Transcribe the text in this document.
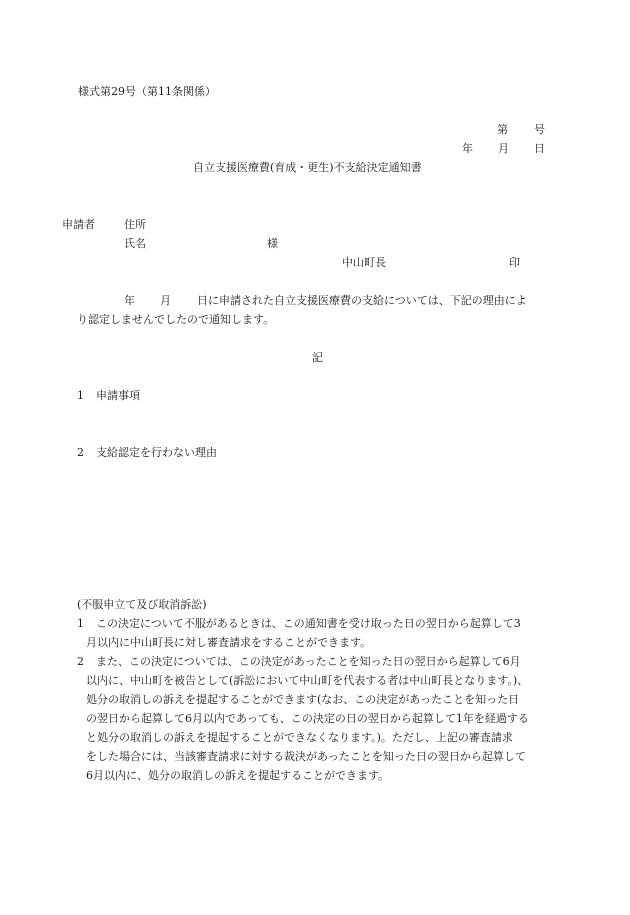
様式第29号（第11条関係）
第 号
年 月 日
自立支援医療費(育成・更生)不支給決定通知書
申請者	住所
氏名	様
中山町長	印
年 月 日に申請された自立支援医療費の支給については、下記の理由によ
り認定しませんでしたので通知します。
記
1 申請事項
2 支給認定を行わない理由
(不服申立て及び取消訴訟)
1 この決定について不服があるときは、この通知書を受け取った日の翌日から起算して3
月以内に中山町長に対し審査請求をすることができます。
2 また、この決定については、この決定があったことを知った日の翌日から起算して6月
以内に、中山町を被告として(訴訟において中山町を代表する者は中山町長となります。)、
処分の取消しの訴えを提起することができます(なお、この決定があったことを知った日
の翌日から起算して6月以内であっても、この決定の日の翌日から起算して1年を経過する
と処分の取消しの訴えを提起することができなくなります。)。ただし、上記の審査請求
をした場合には、当該審査請求に対する裁決があったことを知った日の翌日から起算して
6月以内に、処分の取消しの訴えを提起することができます。
